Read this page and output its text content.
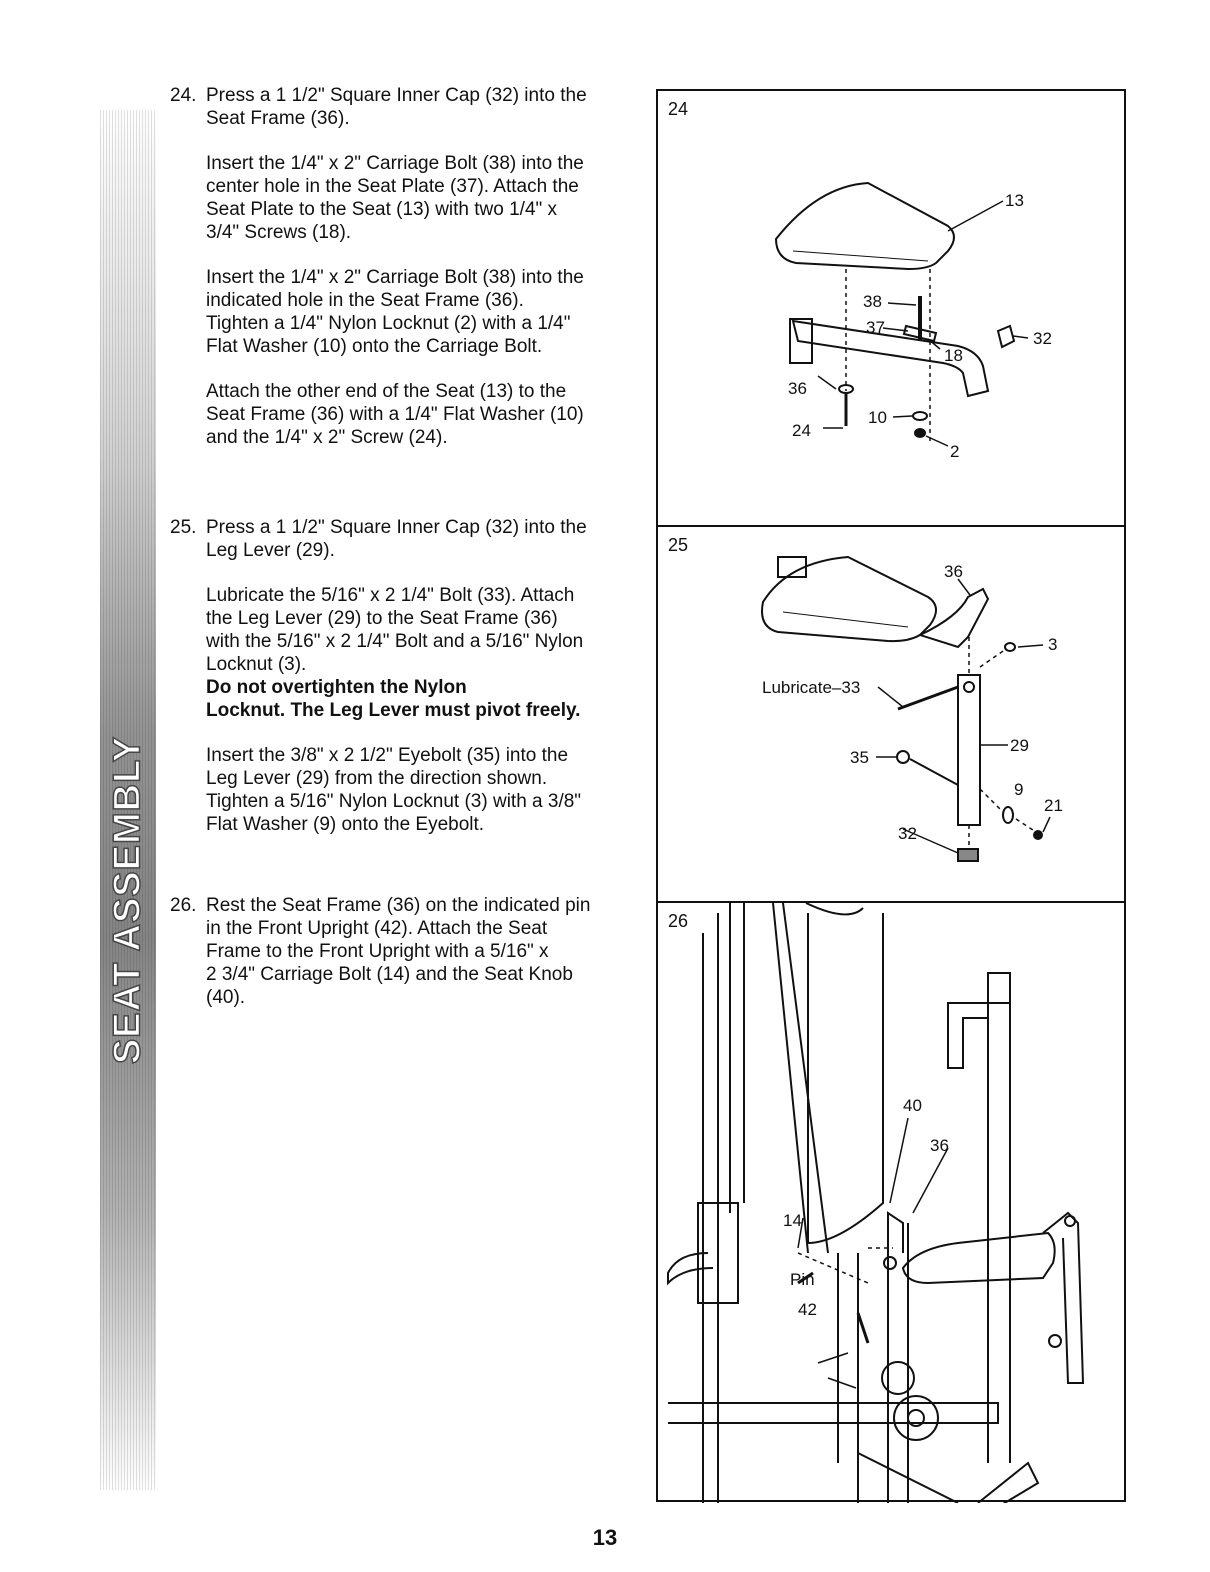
SEAT ASSEMBLY
24. Press a 1 1/2" Square Inner Cap (32) into the
Seat Frame (36).
Insert the 1/4" x 2" Carriage Bolt (38) into the
center hole in the Seat Plate (37). Attach the
Seat Plate to the Seat (13) with two 1/4" x
3/4" Screws (18).
Insert the 1/4" x 2" Carriage Bolt (38) into the
indicated hole in the Seat Frame (36).
Tighten a 1/4" Nylon Locknut (2) with a 1/4"
Flat Washer (10) onto the Carriage Bolt.
Attach the other end of the Seat (13) to the
Seat Frame (36) with a 1/4" Flat Washer (10)
and the 1/4" x 2" Screw (24).
25. Press a 1 1/2" Square Inner Cap (32) into the
Leg Lever (29).
Lubricate the 5/16" x 2 1/4" Bolt (33). Attach
the Leg Lever (29) to the Seat Frame (36)
with the 5/16" x 2 1/4" Bolt and a 5/16" Nylon
Locknut (3).
Do not overtighten the Nylon
Locknut. The Leg Lever must pivot freely.
Insert the 3/8" x 2 1/2" Eyebolt (35) into the
Leg Lever (29) from the direction shown.
Tighten a 5/16" Nylon Locknut (3) with a 3/8"
Flat Washer (9) onto the Eyebolt.
26. Rest the Seat Frame (36) on the indicated pin
in the Front Upright (42). Attach the Seat
Frame to the Front Upright with a 5/16" x
2 3/4" Carriage Bolt (14) and the Seat Knob
(40).
24
13
38
37
18
32
36
10
24
2
25
36
3
Lubricate–33
29
35
9
21
32
26
40
36
14
Pin
42
13
